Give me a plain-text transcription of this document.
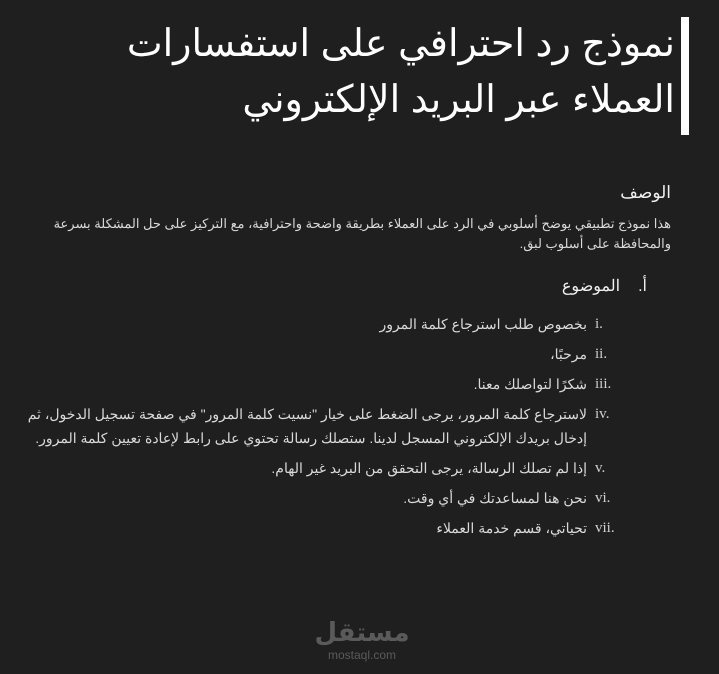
نموذج رد احترافي على استفسارات العملاء عبر البريد الإلكتروني
الوصف

هذا نموذج تطبيقي يوضح أسلوبي في الرد على العملاء بطريقة واضحة واحترافية، مع التركيز على حل المشكلة بسرعة والمحافظة على أسلوب لبق.

أ.
الموضوع
i.
بخصوص طلب استرجاع كلمة المرور
ii.
مرحبًا،
iii.
شكرًا لتواصلك معنا.
iv.
لاسترجاع كلمة المرور، يرجى الضغط على خيار "نسيت كلمة المرور" في صفحة تسجيل الدخول، ثم إدخال بريدك الإلكتروني المسجل لدينا. ستصلك رسالة تحتوي على رابط لإعادة تعيين كلمة المرور.
v.
إذا لم تصلك الرسالة، يرجى التحقق من البريد غير الهام.
vi.
نحن هنا لمساعدتك في أي وقت.
vii.
تحياتي، قسم خدمة العملاء
مستقل
mostaql.com
